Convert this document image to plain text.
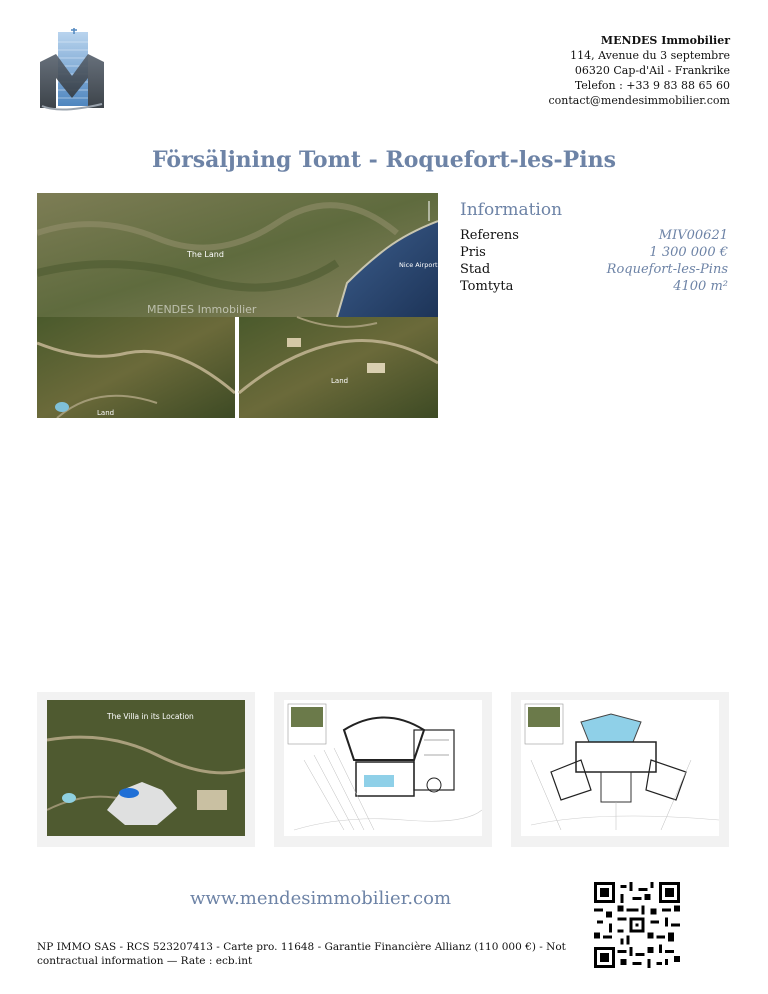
MENDES Immobilier
114, Avenue du 3 septembre
06320 Cap-d'Ail - Frankrike
Telefon : +33 9 83 88 65 60
contact@mendesimmobilier.com
Försäljning Tomt - Roquefort-les-Pins
The Land
Nice Airport
MENDES Immobilier
Land
Land
Information
Referens	MIV00621
Pris	1 300 000 €
Stad	Roquefort-les-Pins
Tomtyta	4100 m²
The Villa in its Location
www.mendesimmobilier.com
NP IMMO SAS - RCS 523207413 - Carte pro. 11648 - Garantie Financière Allianz (110 000 €) - Not contractual information — Rate : ecb.int
